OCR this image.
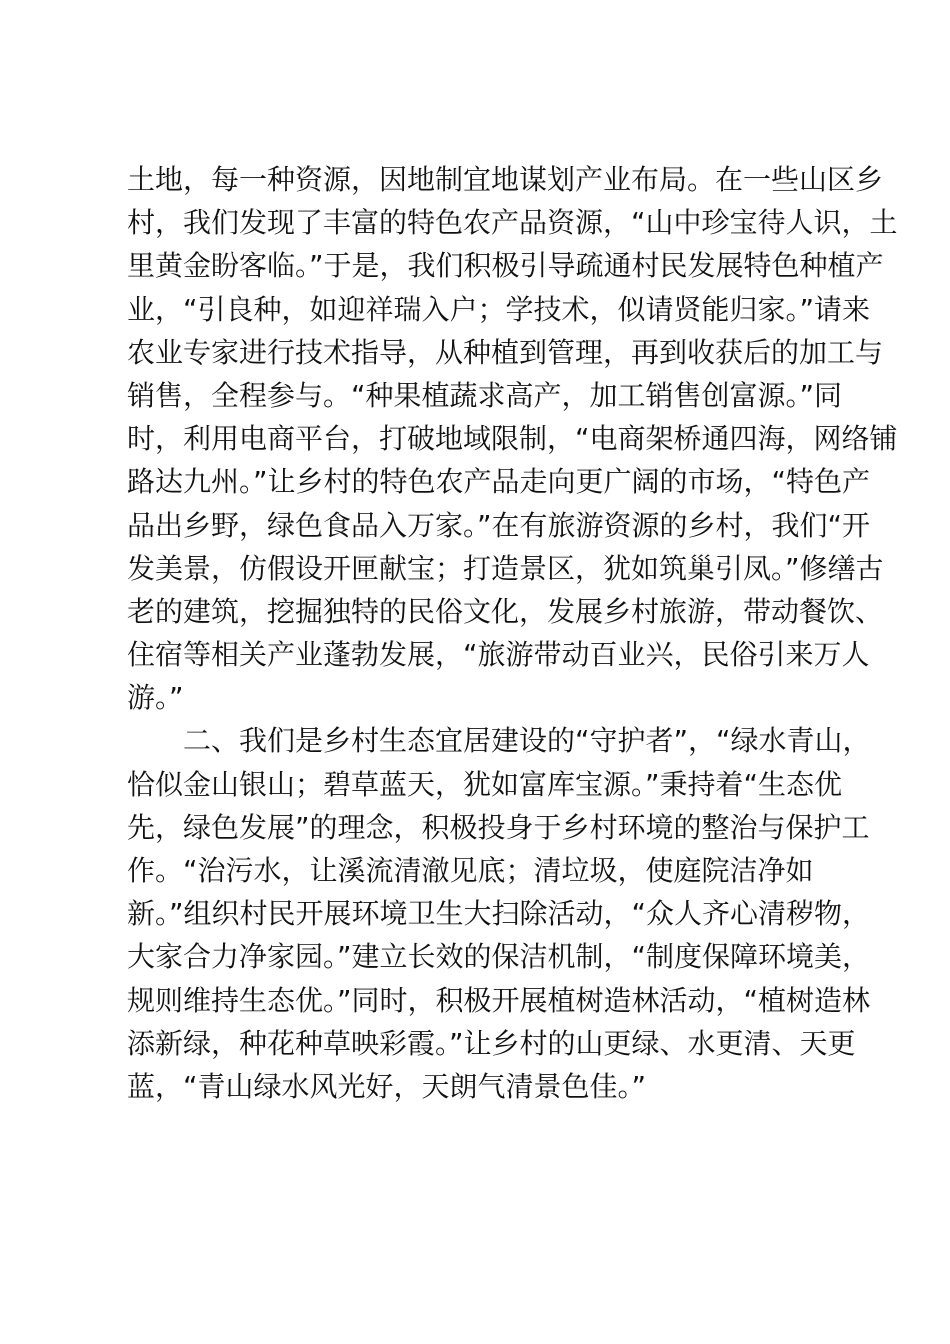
土地，每一种资源，因地制宜地谋划产业布局。在一些山区乡
村，我们发现了丰富的特色农产品资源，“山中珍宝待人识，土
里黄金盼客临。”于是，我们积极引导疏通村民发展特色种植产
业，“引良种，如迎祥瑞入户；学技术，似请贤能归家。”请来
农业专家进行技术指导，从种植到管理，再到收获后的加工与
销售，全程参与。“种果植蔬求高产，加工销售创富源。”同
时，利用电商平台，打破地域限制，“电商架桥通四海，网络铺
路达九州。”让乡村的特色农产品走向更广阔的市场，“特色产
品出乡野，绿色食品入万家。”在有旅游资源的乡村，我们“开
发美景，仿假设开匣献宝；打造景区，犹如筑巢引凤。”修缮古
老的建筑，挖掘独特的民俗文化，发展乡村旅游，带动餐饮、
住宿等相关产业蓬勃发展，“旅游带动百业兴，民俗引来万人
游。”
　　二、我们是乡村生态宜居建设的“守护者”，“绿水青山，
恰似金山银山；碧草蓝天，犹如富库宝源。”秉持着“生态优
先，绿色发展”的理念，积极投身于乡村环境的整治与保护工
作。“治污水，让溪流清澈见底；清垃圾，使庭院洁净如
新。”组织村民开展环境卫生大扫除活动，“众人齐心清秽物，
大家合力净家园。”建立长效的保洁机制，“制度保障环境美，
规则维持生态优。”同时，积极开展植树造林活动，“植树造林
添新绿，种花种草映彩霞。”让乡村的山更绿、水更清、天更
蓝，“青山绿水风光好，天朗气清景色佳。”
